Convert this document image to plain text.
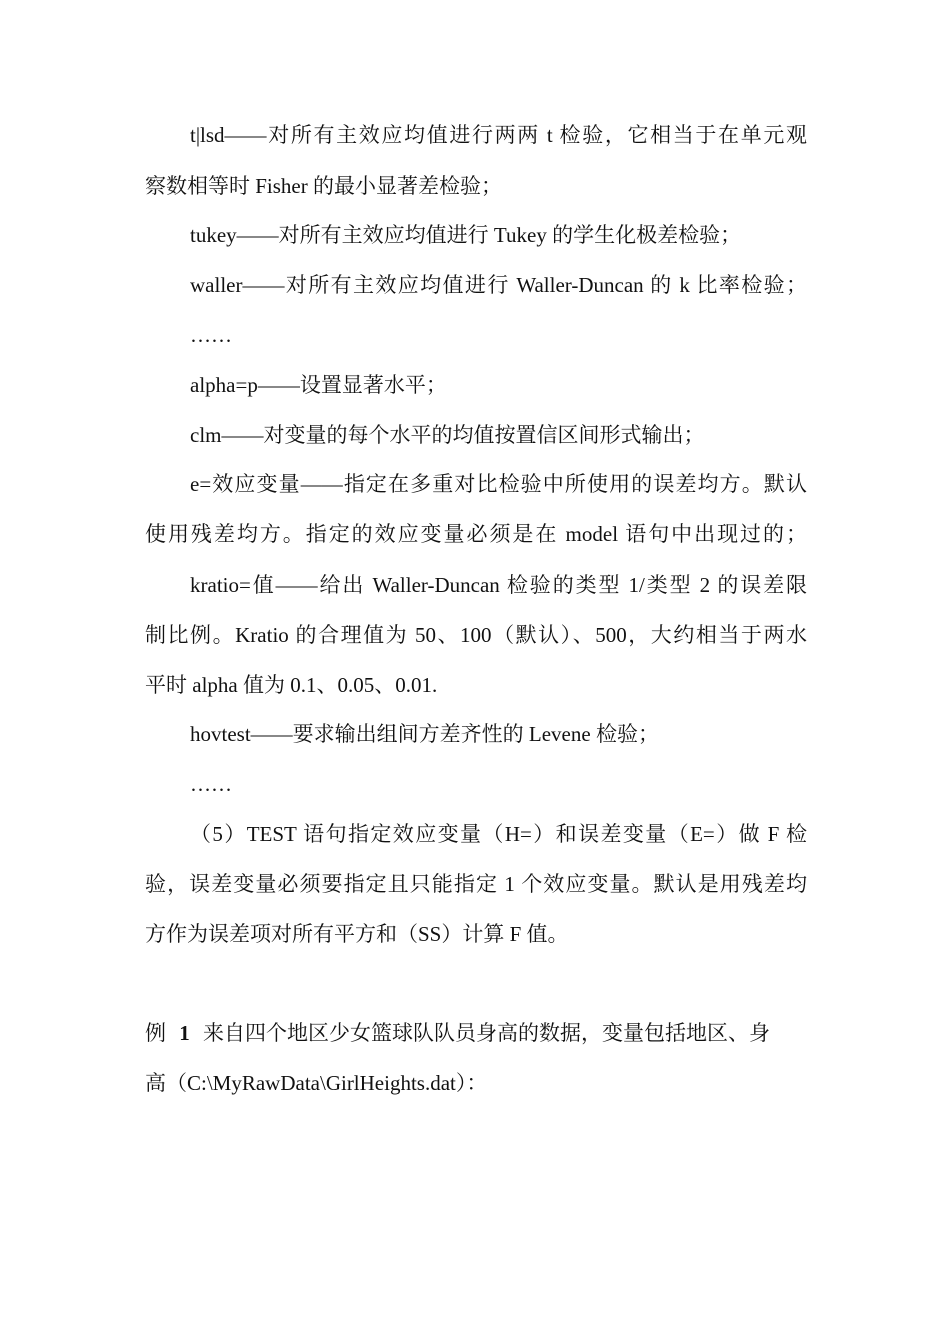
t|lsd——对所有主效应均值进行两两 t 检验，它相当于在单元观
察数相等时 Fisher 的最小显著差检验；
tukey——对所有主效应均值进行 Tukey 的学生化极差检验；
waller——对所有主效应均值进行 Waller-Duncan 的 k 比率检验；
……
alpha=p——设置显著水平；
clm——对变量的每个水平的均值按置信区间形式输出；
e=效应变量——指定在多重对比检验中所使用的误差均方。默认
使用残差均方。指定的效应变量必须是在 model 语句中出现过的；
kratio=值——给出 Waller-Duncan 检验的类型 1/类型 2 的误差限
制比例。Kratio 的合理值为 50、100（默认）、500，大约相当于两水
平时 alpha 值为 0.1、0.05、0.01.
hovtest——要求输出组间方差齐性的 Levene 检验；
……
（5）TEST 语句指定效应变量（H=）和误差变量（E=）做 F 检
验，误差变量必须要指定且只能指定 1 个效应变量。默认是用残差均
方作为误差项对所有平方和（SS）计算 F 值。
例 1 来自四个地区少女篮球队队员身高的数据，变量包括地区、身
高（C:\MyRawData\GirlHeights.dat）：
